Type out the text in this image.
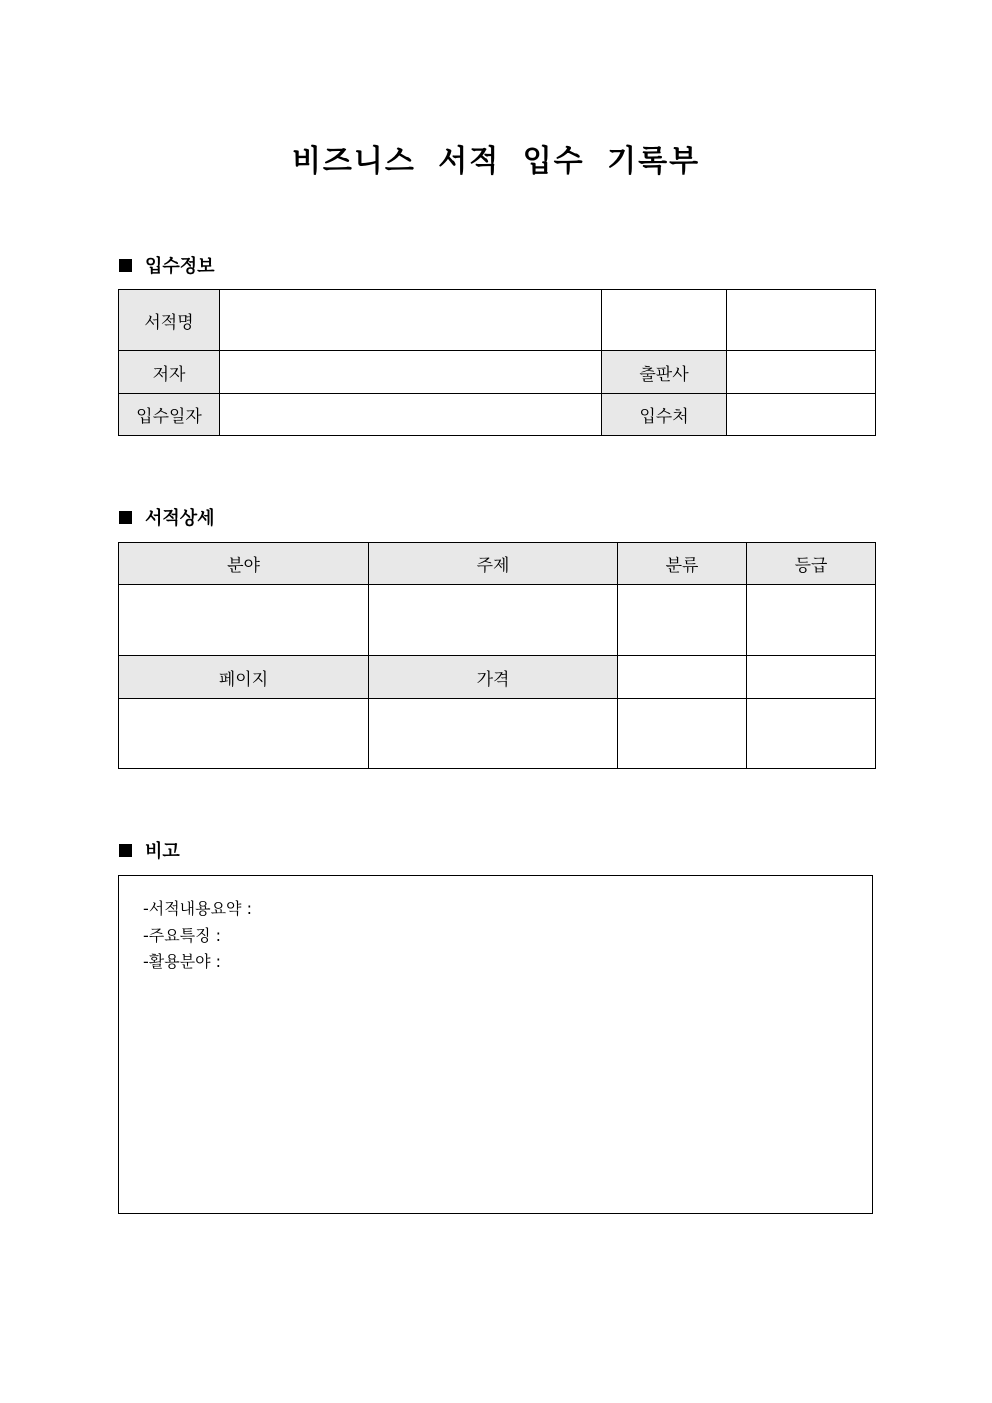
비즈니스 서적 입수 기록부
입수정보
서적명			
저자		출판사	
입수일자		입수처	
서적상세
분야	주제	분류	등급

페이지	가격		

비고
-서적내용요약 :
-주요특징 :
-활용분야 :
